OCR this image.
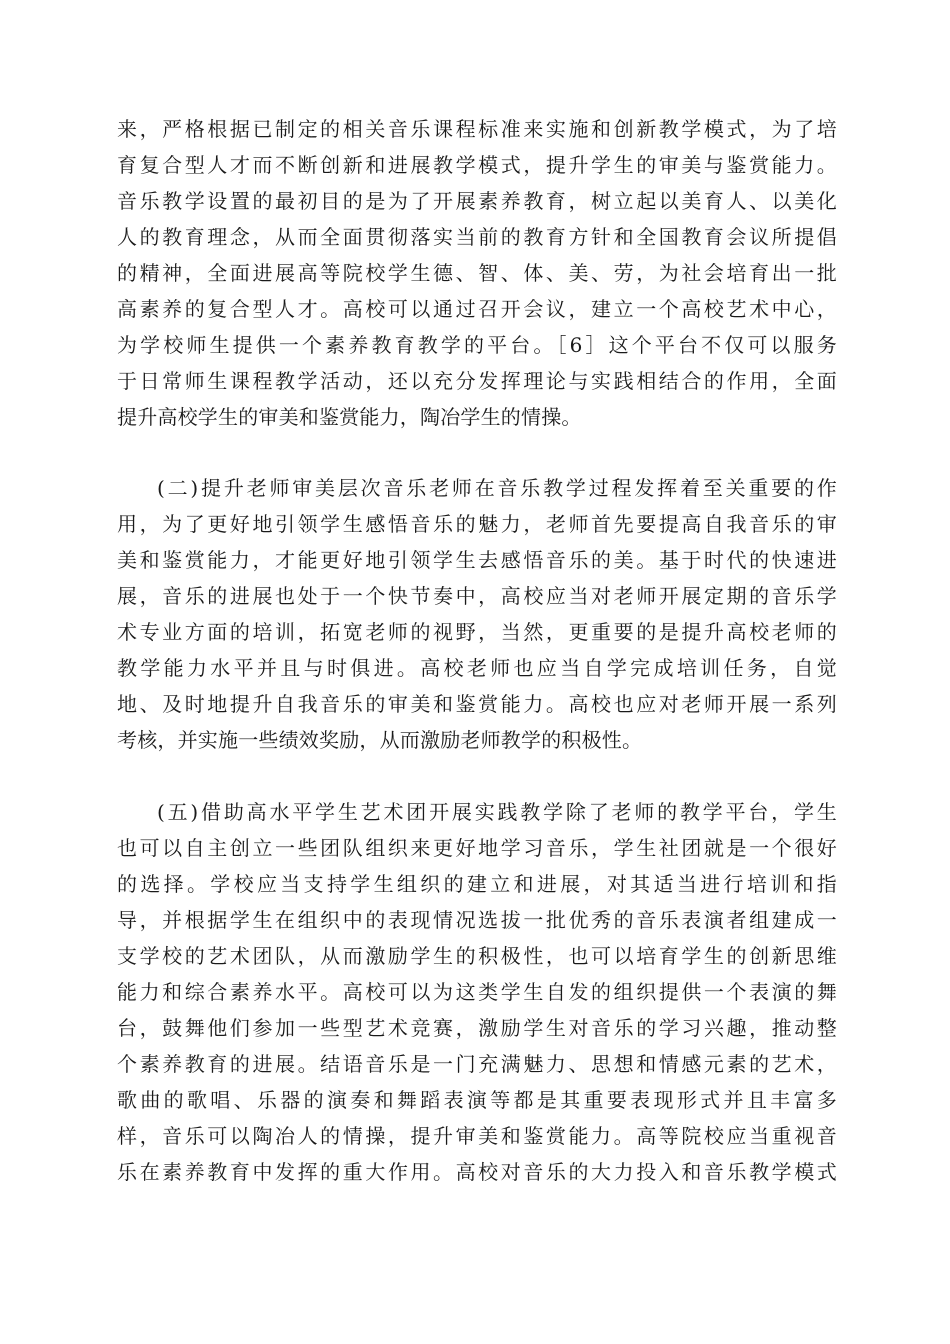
来，严格根据已制定的相关音乐课程标准来实施和创新教学模式，为了培
育复合型人才而不断创新和进展教学模式，提升学生的审美与鉴赏能力。
音乐教学设置的最初目的是为了开展素养教育，树立起以美育人、以美化
人的教育理念，从而全面贯彻落实当前的教育方针和全国教育会议所提倡
的精神，全面进展高等院校学生德、智、体、美、劳，为社会培育出一批
高素养的复合型人才。高校可以通过召开会议，建立一个高校艺术中心，
为学校师生提供一个素养教育教学的平台。［6］这个平台不仅可以服务
于日常师生课程教学活动，还以充分发挥理论与实践相结合的作用，全面
提升高校学生的审美和鉴赏能力，陶冶学生的情操。
(二)提升老师审美层次音乐老师在音乐教学过程发挥着至关重要的作
用，为了更好地引领学生感悟音乐的魅力，老师首先要提高自我音乐的审
美和鉴赏能力，才能更好地引领学生去感悟音乐的美。基于时代的快速进
展，音乐的进展也处于一个快节奏中，高校应当对老师开展定期的音乐学
术专业方面的培训，拓宽老师的视野，当然，更重要的是提升高校老师的
教学能力水平并且与时俱进。高校老师也应当自学完成培训任务，自觉
地、及时地提升自我音乐的审美和鉴赏能力。高校也应对老师开展一系列
考核，并实施一些绩效奖励，从而激励老师教学的积极性。
(五)借助高水平学生艺术团开展实践教学除了老师的教学平台，学生
也可以自主创立一些团队组织来更好地学习音乐，学生社团就是一个很好
的选择。学校应当支持学生组织的建立和进展，对其适当进行培训和指
导，并根据学生在组织中的表现情况选拔一批优秀的音乐表演者组建成一
支学校的艺术团队，从而激励学生的积极性，也可以培育学生的创新思维
能力和综合素养水平。高校可以为这类学生自发的组织提供一个表演的舞
台，鼓舞他们参加一些型艺术竞赛，激励学生对音乐的学习兴趣，推动整
个素养教育的进展。结语音乐是一门充满魅力、思想和情感元素的艺术，
歌曲的歌唱、乐器的演奏和舞蹈表演等都是其重要表现形式并且丰富多
样，音乐可以陶冶人的情操，提升审美和鉴赏能力。高等院校应当重视音
乐在素养教育中发挥的重大作用。高校对音乐的大力投入和音乐教学模式
